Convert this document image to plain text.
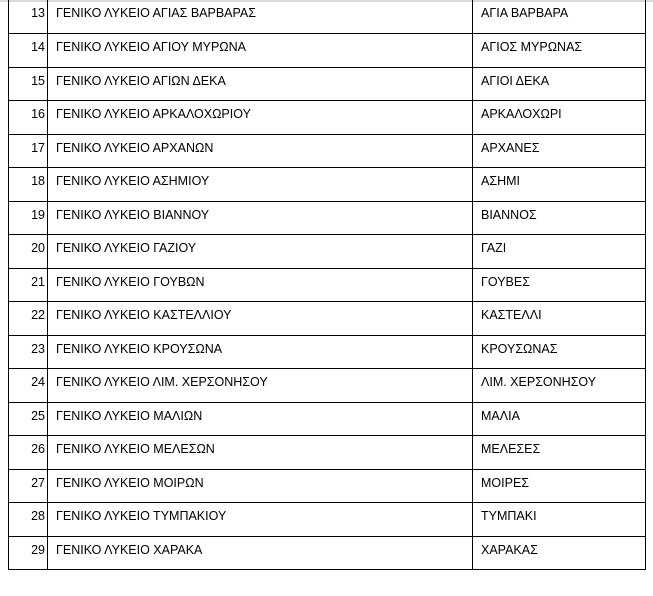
13	ΓΕΝΙΚΟ ΛΥΚΕΙΟ ΑΓΙΑΣ ΒΑΡΒΑΡΑΣ	ΑΓΙΑ ΒΑΡΒΑΡΑ
14	ΓΕΝΙΚΟ ΛΥΚΕΙΟ ΑΓΙΟΥ ΜΥΡΩΝΑ	ΑΓΙΟΣ ΜΥΡΩΝΑΣ
15	ΓΕΝΙΚΟ ΛΥΚΕΙΟ ΑΓΙΩΝ ΔΕΚΑ	ΑΓΙΟΙ ΔΕΚΑ
16	ΓΕΝΙΚΟ ΛΥΚΕΙΟ ΑΡΚΑΛΟΧΩΡΙΟΥ	ΑΡΚΑΛΟΧΩΡΙ
17	ΓΕΝΙΚΟ ΛΥΚΕΙΟ ΑΡΧΑΝΩΝ	ΑΡΧΑΝΕΣ
18	ΓΕΝΙΚΟ ΛΥΚΕΙΟ ΑΣΗΜΙΟΥ	ΑΣΗΜΙ
19	ΓΕΝΙΚΟ ΛΥΚΕΙΟ ΒΙΑΝΝΟΥ	ΒΙΑΝΝΟΣ
20	ΓΕΝΙΚΟ ΛΥΚΕΙΟ ΓΑΖΙΟΥ	ΓΑΖΙ
21	ΓΕΝΙΚΟ ΛΥΚΕΙΟ ΓΟΥΒΩΝ	ΓΟΥΒΕΣ
22	ΓΕΝΙΚΟ ΛΥΚΕΙΟ ΚΑΣΤΕΛΛΙΟΥ	ΚΑΣΤΕΛΛΙ
23	ΓΕΝΙΚΟ ΛΥΚΕΙΟ ΚΡΟΥΣΩΝΑ	ΚΡΟΥΣΩΝΑΣ
24	ΓΕΝΙΚΟ ΛΥΚΕΙΟ ΛΙΜ. ΧΕΡΣΟΝΗΣΟΥ	ΛΙΜ. ΧΕΡΣΟΝΗΣΟΥ
25	ΓΕΝΙΚΟ ΛΥΚΕΙΟ ΜΑΛΙΩΝ	ΜΑΛΙΑ
26	ΓΕΝΙΚΟ ΛΥΚΕΙΟ ΜΕΛΕΣΩΝ	ΜΕΛΕΣΕΣ
27	ΓΕΝΙΚΟ ΛΥΚΕΙΟ ΜΟΙΡΩΝ	ΜΟΙΡΕΣ
28	ΓΕΝΙΚΟ ΛΥΚΕΙΟ ΤΥΜΠΑΚΙΟΥ	ΤΥΜΠΑΚΙ
29	ΓΕΝΙΚΟ ΛΥΚΕΙΟ ΧΑΡΑΚΑ	ΧΑΡΑΚΑΣ
